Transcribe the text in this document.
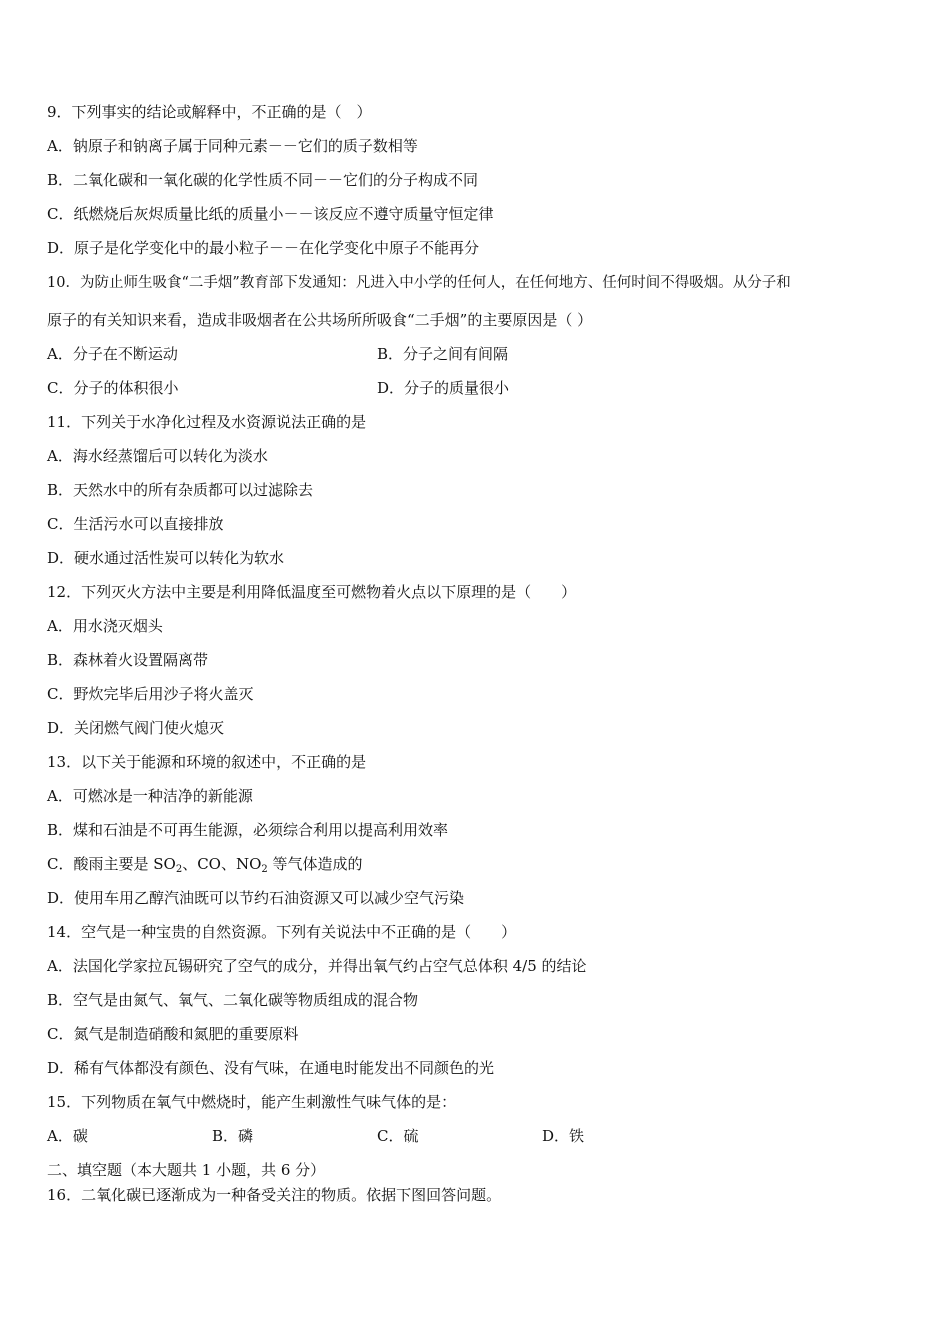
9．下列事实的结论或解释中，不正确的是（　）
A．钠原子和钠离子属于同种元素－－它们的质子数相等
B．二氧化碳和一氧化碳的化学性质不同－－它们的分子构成不同
C．纸燃烧后灰烬质量比纸的质量小－－该反应不遵守质量守恒定律
D．原子是化学变化中的最小粒子－－在化学变化中原子不能再分
10．为防止师生吸食“二手烟”教育部下发通知：凡进入中小学的任何人，在任何地方、任何时间不得吸烟。从分子和
原子的有关知识来看，造成非吸烟者在公共场所所吸食“二手烟”的主要原因是（ ）
A．分子在不断运动	B．分子之间有间隔
C．分子的体积很小	D．分子的质量很小
11．下列关于水净化过程及水资源说法正确的是
A．海水经蒸馏后可以转化为淡水
B．天然水中的所有杂质都可以过滤除去
C．生活污水可以直接排放
D．硬水通过活性炭可以转化为软水
12．下列灭火方法中主要是利用降低温度至可燃物着火点以下原理的是（　　）
A．用水浇灭烟头
B．森林着火设置隔离带
C．野炊完毕后用沙子将火盖灭
D．关闭燃气阀门使火熄灭
13．以下关于能源和环境的叙述中，不正确的是
A．可燃冰是一种洁净的新能源
B．煤和石油是不可再生能源，必须综合利用以提高利用效率
C．酸雨主要是 $SO_2$、CO、$NO_2$ 等气体造成的
D．使用车用乙醇汽油既可以节约石油资源又可以减少空气污染
14．空气是一种宝贵的自然资源。下列有关说法中不正确的是（　　）
A．法国化学家拉瓦锡研究了空气的成分，并得出氧气约占空气总体积 4/5 的结论
B．空气是由氮气、氧气、二氧化碳等物质组成的混合物
C．氮气是制造硝酸和氮肥的重要原料
D．稀有气体都没有颜色、没有气味，在通电时能发出不同颜色的光
15．下列物质在氧气中燃烧时，能产生刺激性气味气体的是：
A．碳	B．磷	C．硫	D．铁
二、填空题（本大题共 1 小题，共 6 分）
16．二氧化碳已逐渐成为一种备受关注的物质。依据下图回答问题。
